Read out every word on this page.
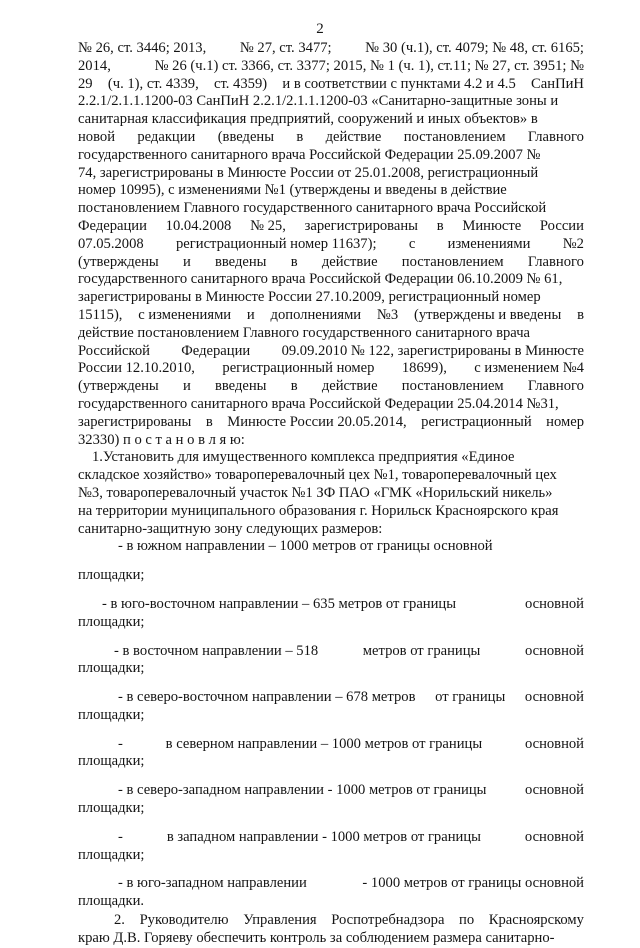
2
№ 26, ст. 3446; 2013, № 27, ст. 3477; № 30 (ч.1), ст. 4079; № 48, ст. 6165;
2014,	№ 26 (ч.1) ст. 3366, ст. 3377; 2015, № 1 (ч. 1), ст.11; № 27, ст. 3951; №
29 (ч. 1), ст. 4339, ст. 4359) и в соответствии с пунктами 4.2 и 4.5 СанПиН
2.2.1/2.1.1.1200-03 СанПиН 2.2.1/2.1.1.1200-03 «Санитарно-защитные зоны и
санитарная классификация предприятий, сооружений и иных объектов» в
новой редакции (введены в действие постановлением Главного
государственного санитарного врача Российской Федерации 25.09.2007 №
74, зарегистрированы в Минюсте России от 25.01.2008, регистрационный
номер 10995), с изменениями №1 (утверждены и введены в действие
постановлением Главного государственного санитарного врача Российской
Федерации 10.04.2008 № 25, зарегистрированы в Минюсте России
07.05.2008 регистрационный номер 11637); с изменениями №2
(утверждены и введены в действие постановлением Главного
государственного санитарного врача Российской Федерации 06.10.2009 № 61,
зарегистрированы в Минюсте России 27.10.2009, регистрационный номер
15115), с изменениями и дополнениями №3 (утверждены и введены в
действие постановлением Главного государственного санитарного врача
Российской Федерации 09.09.2010 № 122, зарегистрированы в Минюсте
России 12.10.2010, регистрационный номер 18699), с изменением №4
(утверждены и введены в действие постановлением Главного
государственного санитарного врача Российской Федерации 25.04.2014 №31,
зарегистрированы в Минюсте России 20.05.2014, регистрационный номер
32330) п о с т а н о в л я ю:
1.Установить для имущественного комплекса предприятия «Единое
складское хозяйство» товароперевалочный цех №1, товароперевалочный цех
№3, товароперевалочный участок №1 ЗФ ПАО «ГМК «Норильский никель»
на территории муниципального образования г. Норильск Красноярского края
санитарно-защитную зону следующих размеров:
- в южном направлении – 1000 метров от границы основной
площадки;
- в юго-восточном направлении – 635 метров от границы	основной
площадки;
- в восточном направлении – 518	метров от границы	основной
площадки;
- в северо-восточном направлении – 678 метров от границы основной
площадки;
-	в северном направлении – 1000 метров от границы	основной
площадки;
- в северо-западном направлении - 1000 метров от границы	основной
площадки;
-	в западном направлении - 1000 метров от границы	основной
площадки;
- в юго-западном направлении	- 1000 метров от границы основной
площадки.
2. Руководителю Управления Роспотребнадзора по Красноярскому
краю Д.В. Горяеву обеспечить контроль за соблюдением размера санитарно-
